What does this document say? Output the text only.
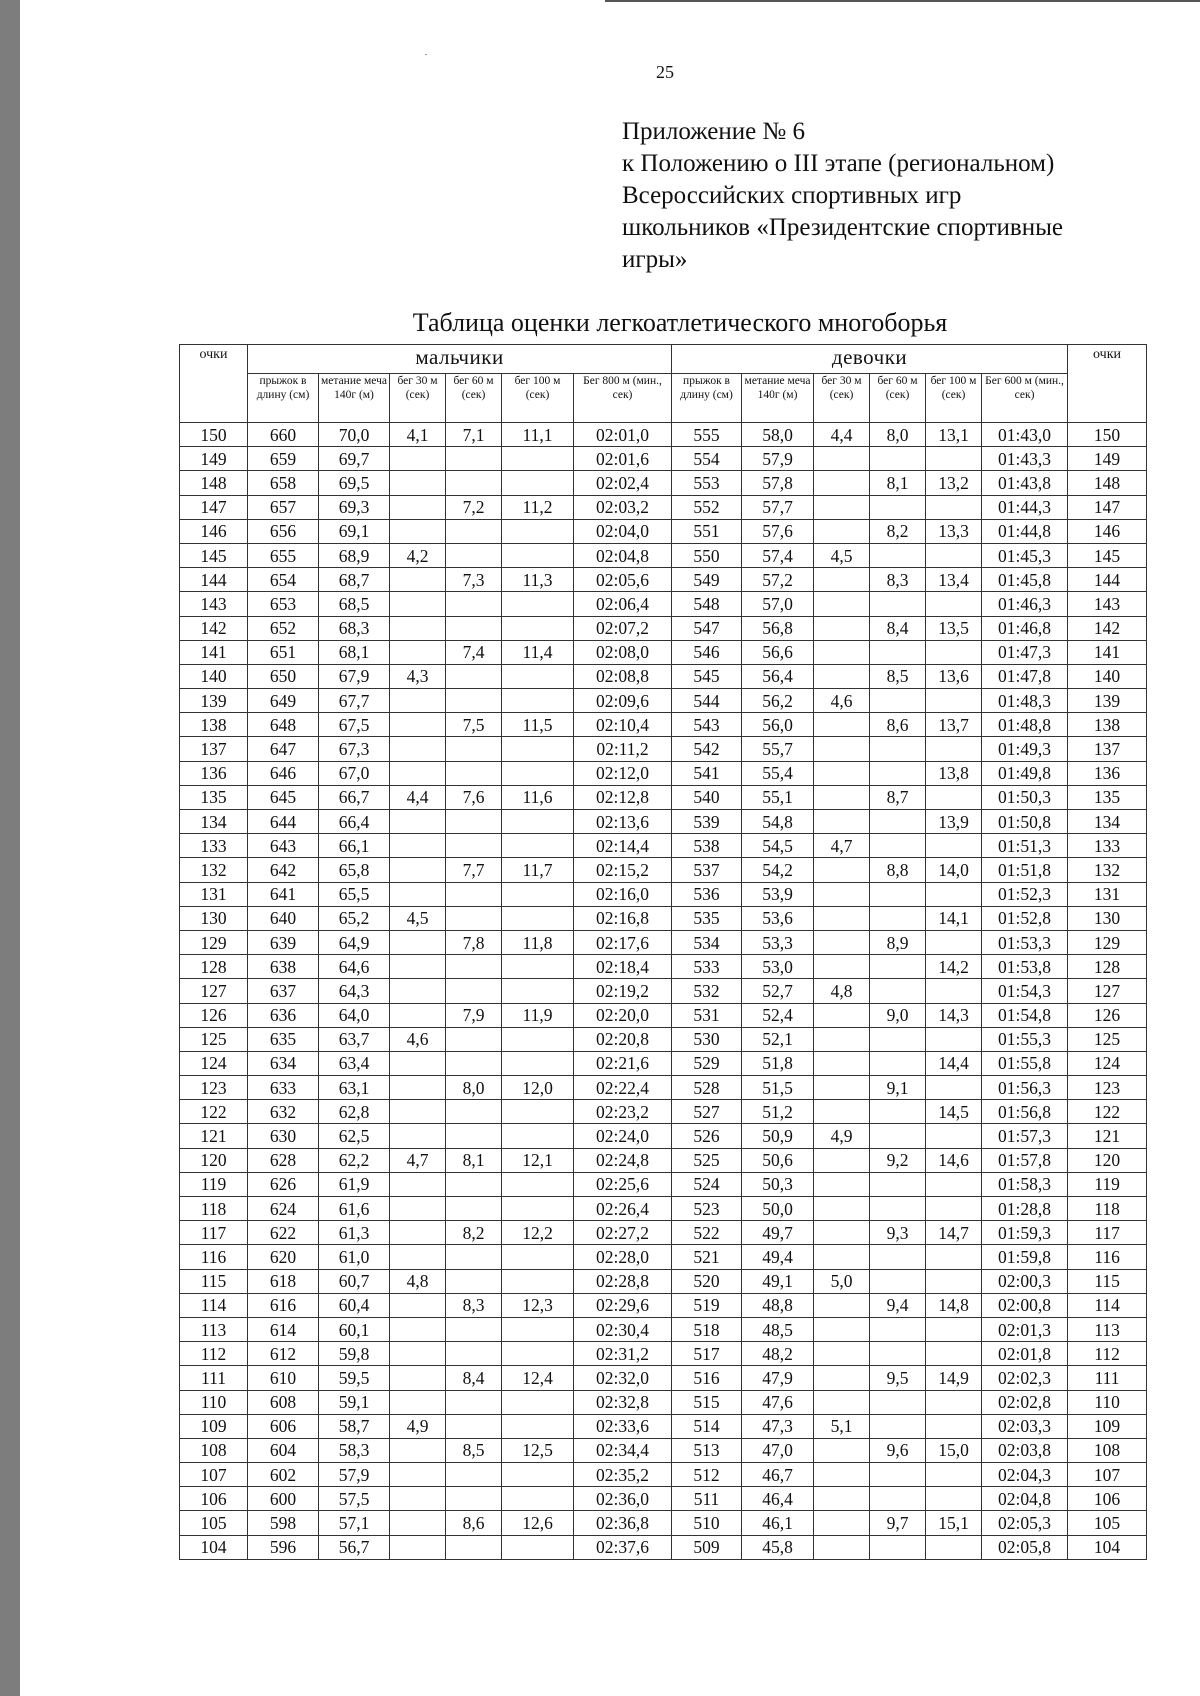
25
Приложение № 6
к Положению о III этапе (региональном)
Всероссийских спортивных игр
школьников «Президентские спортивные
игры»
Таблица оценки легкоатлетического многоборья
очки	мальчики						девочки						очки
	прыжок в длину (см)	метание меча 140г (м)	бег 30 м (сек)	бег 60 м (сек)	бег 100 м (сек)	Бег 800 м (мин., сек)	прыжок в длину (см)	метание меча 140г (м)	бег 30 м (сек)	бег 60 м (сек)	бег 100 м (сек)	Бег 600 м (мин., сек)	
150	660	70,0	4,1	7,1	11,1	02:01,0	555	58,0	4,4	8,0	13,1	01:43,0	150
149	659	69,7				02:01,6	554	57,9				01:43,3	149
148	658	69,5				02:02,4	553	57,8		8,1	13,2	01:43,8	148
147	657	69,3		7,2	11,2	02:03,2	552	57,7				01:44,3	147
146	656	69,1				02:04,0	551	57,6		8,2	13,3	01:44,8	146
145	655	68,9	4,2			02:04,8	550	57,4	4,5			01:45,3	145
144	654	68,7		7,3	11,3	02:05,6	549	57,2		8,3	13,4	01:45,8	144
143	653	68,5				02:06,4	548	57,0				01:46,3	143
142	652	68,3				02:07,2	547	56,8		8,4	13,5	01:46,8	142
141	651	68,1		7,4	11,4	02:08,0	546	56,6				01:47,3	141
140	650	67,9	4,3			02:08,8	545	56,4		8,5	13,6	01:47,8	140
139	649	67,7				02:09,6	544	56,2	4,6			01:48,3	139
138	648	67,5		7,5	11,5	02:10,4	543	56,0		8,6	13,7	01:48,8	138
137	647	67,3				02:11,2	542	55,7				01:49,3	137
136	646	67,0				02:12,0	541	55,4			13,8	01:49,8	136
135	645	66,7	4,4	7,6	11,6	02:12,8	540	55,1		8,7		01:50,3	135
134	644	66,4				02:13,6	539	54,8			13,9	01:50,8	134
133	643	66,1				02:14,4	538	54,5	4,7			01:51,3	133
132	642	65,8		7,7	11,7	02:15,2	537	54,2		8,8	14,0	01:51,8	132
131	641	65,5				02:16,0	536	53,9				01:52,3	131
130	640	65,2	4,5			02:16,8	535	53,6			14,1	01:52,8	130
129	639	64,9		7,8	11,8	02:17,6	534	53,3		8,9		01:53,3	129
128	638	64,6				02:18,4	533	53,0			14,2	01:53,8	128
127	637	64,3				02:19,2	532	52,7	4,8			01:54,3	127
126	636	64,0		7,9	11,9	02:20,0	531	52,4		9,0	14,3	01:54,8	126
125	635	63,7	4,6			02:20,8	530	52,1				01:55,3	125
124	634	63,4				02:21,6	529	51,8			14,4	01:55,8	124
123	633	63,1		8,0	12,0	02:22,4	528	51,5		9,1		01:56,3	123
122	632	62,8				02:23,2	527	51,2			14,5	01:56,8	122
121	630	62,5				02:24,0	526	50,9	4,9			01:57,3	121
120	628	62,2	4,7	8,1	12,1	02:24,8	525	50,6		9,2	14,6	01:57,8	120
119	626	61,9				02:25,6	524	50,3				01:58,3	119
118	624	61,6				02:26,4	523	50,0				01:28,8	118
117	622	61,3		8,2	12,2	02:27,2	522	49,7		9,3	14,7	01:59,3	117
116	620	61,0				02:28,0	521	49,4				01:59,8	116
115	618	60,7	4,8			02:28,8	520	49,1	5,0			02:00,3	115
114	616	60,4		8,3	12,3	02:29,6	519	48,8		9,4	14,8	02:00,8	114
113	614	60,1				02:30,4	518	48,5				02:01,3	113
112	612	59,8				02:31,2	517	48,2				02:01,8	112
111	610	59,5		8,4	12,4	02:32,0	516	47,9		9,5	14,9	02:02,3	111
110	608	59,1				02:32,8	515	47,6				02:02,8	110
109	606	58,7	4,9			02:33,6	514	47,3	5,1			02:03,3	109
108	604	58,3		8,5	12,5	02:34,4	513	47,0		9,6	15,0	02:03,8	108
107	602	57,9				02:35,2	512	46,7				02:04,3	107
106	600	57,5				02:36,0	511	46,4				02:04,8	106
105	598	57,1		8,6	12,6	02:36,8	510	46,1		9,7	15,1	02:05,3	105
104	596	56,7				02:37,6	509	45,8				02:05,8	104
